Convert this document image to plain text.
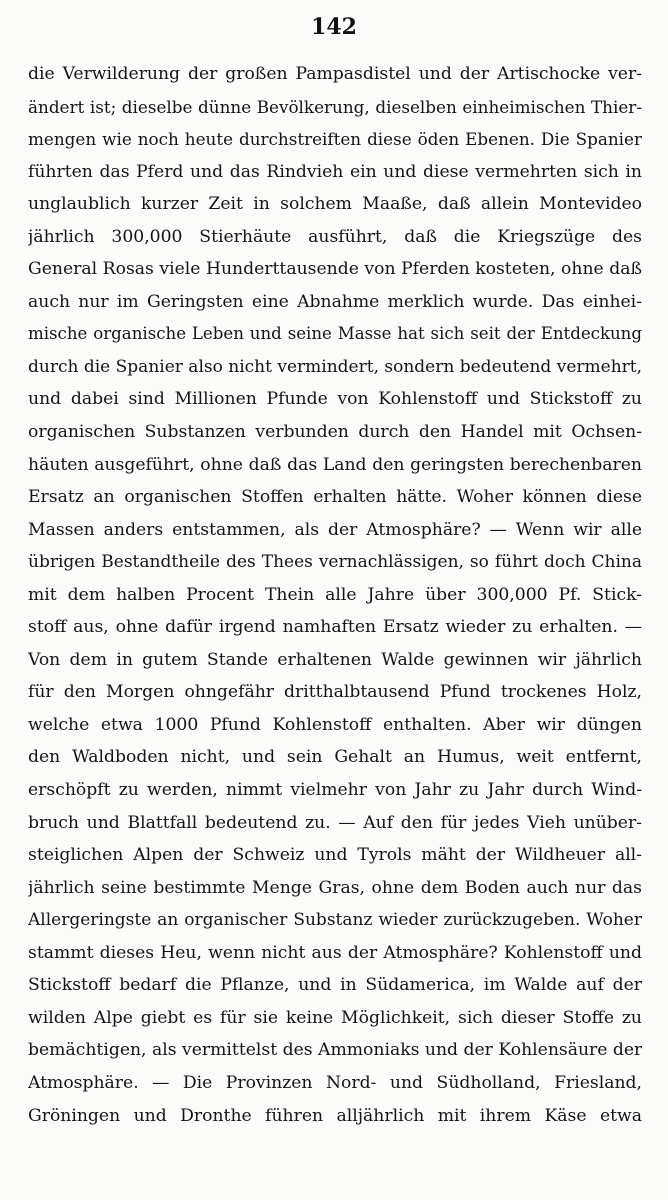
142
die Verwilderung der großen Pampasdistel und der Artischocke ver-
ändert ist; dieselbe dünne Bevölkerung, dieselben einheimischen Thier-
mengen wie noch heute durchstreiften diese öden Ebenen. Die Spanier
führten das Pferd und das Rindvieh ein und diese vermehrten sich in
unglaublich kurzer Zeit in solchem Maaße, daß allein Montevideo
jährlich 300,000 Stierhäute ausführt, daß die Kriegszüge des
General Rosas viele Hunderttausende von Pferden kosteten, ohne daß
auch nur im Geringsten eine Abnahme merklich wurde. Das einhei-
mische organische Leben und seine Masse hat sich seit der Entdeckung
durch die Spanier also nicht vermindert, sondern bedeutend vermehrt,
und dabei sind Millionen Pfunde von Kohlenstoff und Stickstoff zu
organischen Substanzen verbunden durch den Handel mit Ochsen-
häuten ausgeführt, ohne daß das Land den geringsten berechenbaren
Ersatz an organischen Stoffen erhalten hätte. Woher können diese
Massen anders entstammen, als der Atmosphäre? — Wenn wir alle
übrigen Bestandtheile des Thees vernachlässigen, so führt doch China
mit dem halben Procent Thein alle Jahre über 300,000 Pf. Stick-
stoff aus, ohne dafür irgend namhaften Ersatz wieder zu erhalten. —
Von dem in gutem Stande erhaltenen Walde gewinnen wir jährlich
für den Morgen ohngefähr dritthalbtausend Pfund trockenes Holz,
welche etwa 1000 Pfund Kohlenstoff enthalten. Aber wir düngen
den Waldboden nicht, und sein Gehalt an Humus, weit entfernt,
erschöpft zu werden, nimmt vielmehr von Jahr zu Jahr durch Wind-
bruch und Blattfall bedeutend zu. — Auf den für jedes Vieh unüber-
steiglichen Alpen der Schweiz und Tyrols mäht der Wildheuer all-
jährlich seine bestimmte Menge Gras, ohne dem Boden auch nur das
Allergeringste an organischer Substanz wieder zurückzugeben. Woher
stammt dieses Heu, wenn nicht aus der Atmosphäre? Kohlenstoff und
Stickstoff bedarf die Pflanze, und in Südamerica, im Walde auf der
wilden Alpe giebt es für sie keine Möglichkeit, sich dieser Stoffe zu
bemächtigen, als vermittelst des Ammoniaks und der Kohlensäure der
Atmosphäre. — Die Provinzen Nord- und Südholland, Friesland,
Gröningen und Dronthe führen alljährlich mit ihrem Käse etwa
